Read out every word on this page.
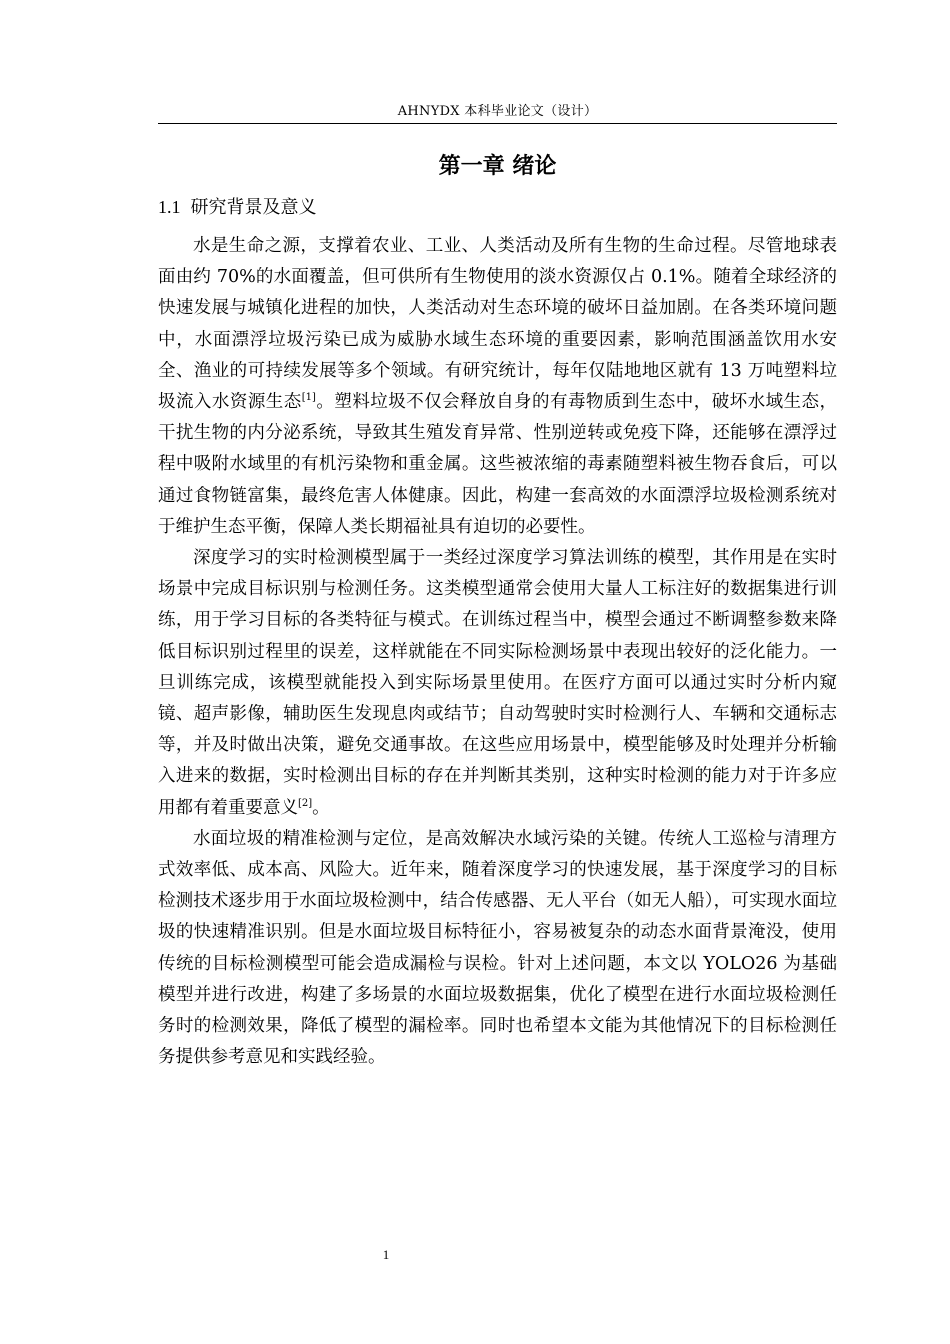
AHNYDX 本科毕业论文（设计）
第一章 绪论
1.1 研究背景及意义

水是生命之源，支撑着农业、工业、人类活动及所有生物的生命过程。尽管地球表面由约 70%的水面覆盖，但可供所有生物使用的淡水资源仅占 0.1%。随着全球经济的快速发展与城镇化进程的加快，人类活动对生态环境的破坏日益加剧。在各类环境问题中，水面漂浮垃圾污染已成为威胁水域生态环境的重要因素，影响范围涵盖饮用水安全、渔业的可持续发展等多个领域。有研究统计，每年仅陆地地区就有 13 万吨塑料垃圾流入水资源生态[1]。塑料垃圾不仅会释放自身的有毒物质到生态中，破坏水域生态，干扰生物的内分泌系统，导致其生殖发育异常、性别逆转或免疫下降，还能够在漂浮过程中吸附水域里的有机污染物和重金属。这些被浓缩的毒素随塑料被生物吞食后，可以通过食物链富集，最终危害人体健康。因此，构建一套高效的水面漂浮垃圾检测系统对于维护生态平衡，保障人类长期福祉具有迫切的必要性。

深度学习的实时检测模型属于一类经过深度学习算法训练的模型，其作用是在实时场景中完成目标识别与检测任务。这类模型通常会使用大量人工标注好的数据集进行训练，用于学习目标的各类特征与模式。在训练过程当中，模型会通过不断调整参数来降低目标识别过程里的误差，这样就能在不同实际检测场景中表现出较好的泛化能力。一旦训练完成，该模型就能投入到实际场景里使用。在医疗方面可以通过实时分析内窥镜、超声影像，辅助医生发现息肉或结节；自动驾驶时实时检测行人、车辆和交通标志等，并及时做出决策，避免交通事故。在这些应用场景中，模型能够及时处理并分析输入进来的数据，实时检测出目标的存在并判断其类别，这种实时检测的能力对于许多应用都有着重要意义[2]。

水面垃圾的精准检测与定位，是高效解决水域污染的关键。传统人工巡检与清理方式效率低、成本高、风险大。近年来，随着深度学习的快速发展，基于深度学习的目标检测技术逐步用于水面垃圾检测中，结合传感器、无人平台（如无人船），可实现水面垃圾的快速精准识别。但是水面垃圾目标特征小，容易被复杂的动态水面背景淹没，使用传统的目标检测模型可能会造成漏检与误检。针对上述问题，本文以 YOLO26 为基础模型并进行改进，构建了多场景的水面垃圾数据集，优化了模型在进行水面垃圾检测任务时的检测效果，降低了模型的漏检率。同时也希望本文能为其他情况下的目标检测任务提供参考意见和实践经验。

1
